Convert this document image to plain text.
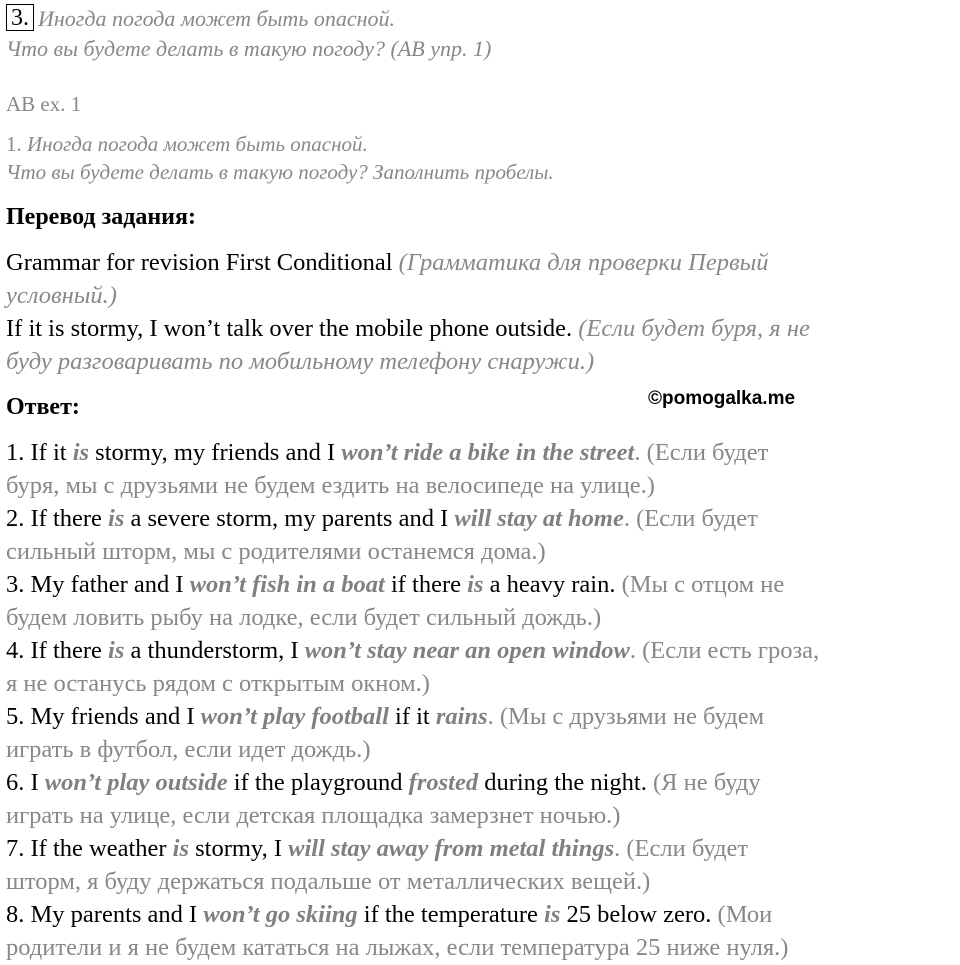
3. Иногда погода может быть опасной.
Что вы будете делать в такую погоду? (AB упр. 1)
AB ex. 1
1. Иногда погода может быть опасной.
Что вы будете делать в такую погоду? Заполнить пробелы.
Перевод задания:
Grammar for revision First Conditional (Грамматика для проверки Первый
условный.)
If it is stormy, I won’t talk over the mobile phone outside. (Если будет буря, я не
буду разговаривать по мобильному телефону снаружи.)
Ответ:	©pomogalka.me
1. If it is stormy, my friends and I won’t ride a bike in the street. (Если будет
буря, мы с друзьями не будем ездить на велосипеде на улице.)
2. If there is a severe storm, my parents and I will stay at home. (Если будет
сильный шторм, мы с родителями останемся дома.)
3. My father and I won’t fish in a boat if there is a heavy rain. (Мы с отцом не
будем ловить рыбу на лодке, если будет сильный дождь.)
4. If there is a thunderstorm, I won’t stay near an open window. (Если есть гроза,
я не останусь рядом с открытым окном.)
5. My friends and I won’t play football if it rains. (Мы с друзьями не будем
играть в футбол, если идет дождь.)
6. I won’t play outside if the playground frosted during the night. (Я не буду
играть на улице, если детская площадка замерзнет ночью.)
7. If the weather is stormy, I will stay away from metal things. (Если будет
шторм, я буду держаться подальше от металлических вещей.)
8. My parents and I won’t go skiing if the temperature is 25 below zero. (Мои
родители и я не будем кататься на лыжах, если температура 25 ниже нуля.)
